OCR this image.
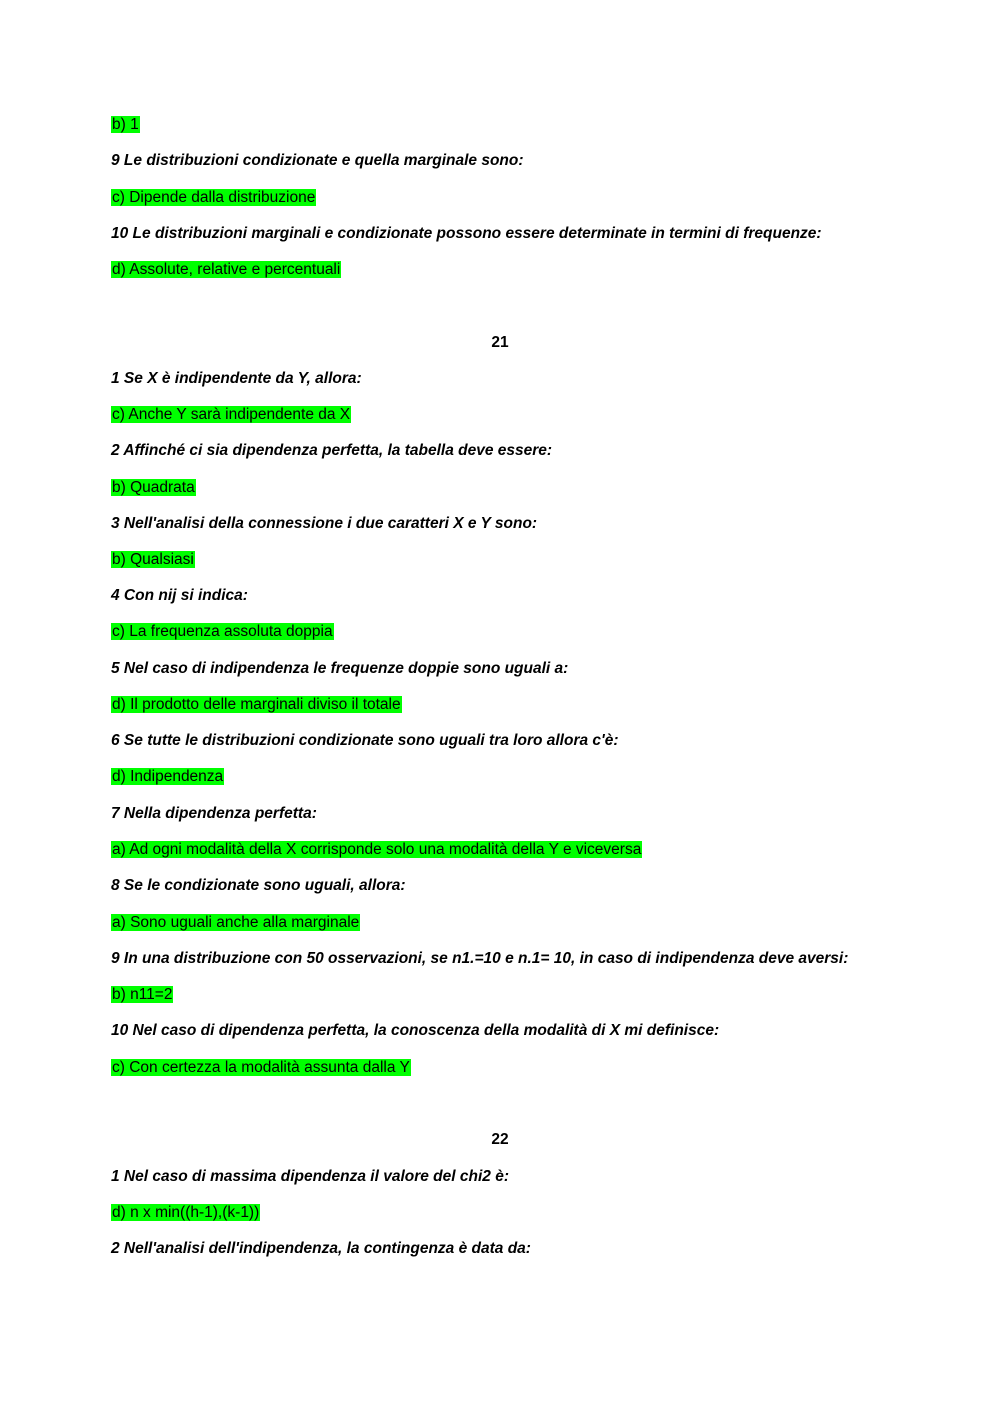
b) 1
9 Le distribuzioni condizionate e quella marginale sono:
c) Dipende dalla distribuzione
10 Le distribuzioni marginali e condizionate possono essere determinate in termini di frequenze:
d) Assolute, relative e percentuali
21
1 Se X è indipendente da Y, allora:
c) Anche Y sarà indipendente da X
2 Affinché ci sia dipendenza perfetta, la tabella deve essere:
b) Quadrata
3 Nell'analisi della connessione i due caratteri X e Y sono:
b) Qualsiasi
4 Con nij si indica:
c) La frequenza assoluta doppia
5 Nel caso di indipendenza le frequenze doppie sono uguali a:
d) Il prodotto delle marginali diviso il totale
6 Se tutte le distribuzioni condizionate sono uguali tra loro allora c'è:
d) Indipendenza
7 Nella dipendenza perfetta:
a) Ad ogni modalità della X corrisponde solo una modalità della Y e viceversa
8 Se le condizionate sono uguali, allora:
a) Sono uguali anche alla marginale
9 In una distribuzione con 50 osservazioni, se n1.=10 e n.1= 10, in caso di indipendenza deve aversi:
b) n11=2
10 Nel caso di dipendenza perfetta, la conoscenza della modalità di X mi definisce:
c) Con certezza la modalità assunta dalla Y
22
1 Nel caso di massima dipendenza il valore del chi2 è:
d) n x min((h-1),(k-1))
2 Nell'analisi dell'indipendenza, la contingenza è data da:
